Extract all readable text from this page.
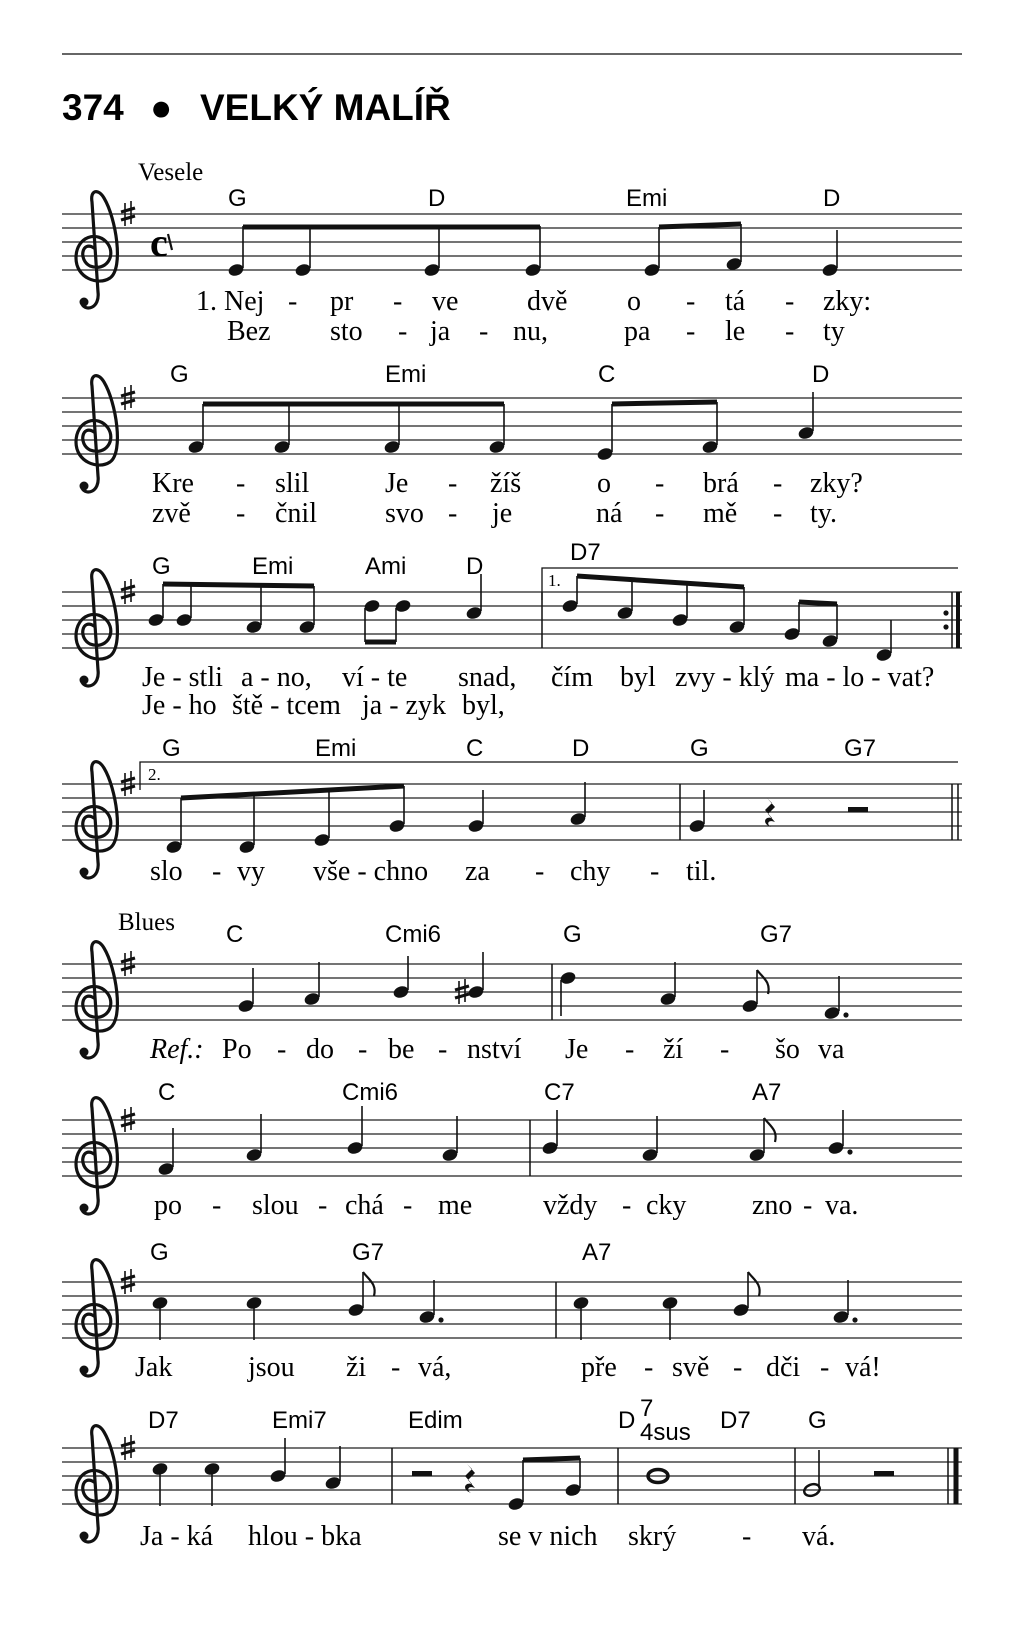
374 ● VELKÝ MALÍŘ
Vesele
c
G	D	Emi	D
1. Nej - pr - ve dvě o - tá - zky:
Bez sto - ja - nu,	pa - le - ty
G	Emi	C	D
Kre - slil	Je - žíš	o - brá - zky?
zvě - čnil svo - je	ná - mě - ty.
G	Emi	Ami D
D7
1.
Je - stli a - no, ví - te snad, čím byl zvy - klý ma - lo - vat?
Je - ho ště - tcem ja - zyk byl,
G	Emi	C	D	G	G7
2.
slo - vy vše - chno za - chy - til.
Blues C	Cmi6	G	G7
Ref.: Po - do - be - nství Je - ží - šo va
C	Cmi6	C7	A7
po - slou - chá - me	vždy - cky zno - va.
G	G7	A7
Jak	jsou ži - vá,	pře - svě - dči - vá!
D7	Emi7	Edim	D 7
4sus D7 G
Ja - ká hlou - bka	se v nich skrý - vá.
